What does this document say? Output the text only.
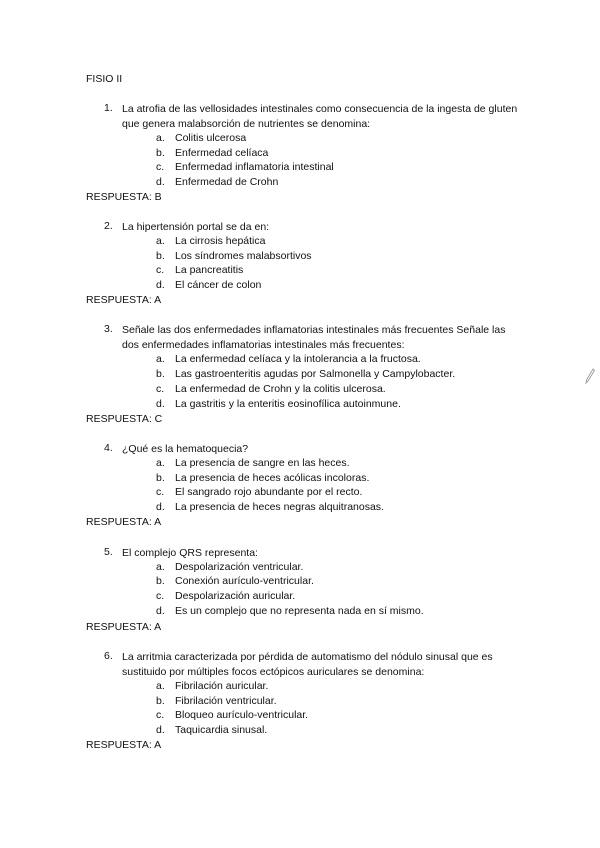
FISIO II
1. La atrofia de las vellosidades intestinales como consecuencia de la ingesta de gluten que genera malabsorción de nutrientes se denomina:
a. Colitis ulcerosa
b. Enfermedad celíaca
c.	Enfermedad inflamatoria intestinal
d. Enfermedad de Crohn
RESPUESTA: B
2. La hipertensión portal se da en:
a. La cirrosis hepática
b. Los síndromes malabsortivos
c.	La pancreatitis
d. El cáncer de colon
RESPUESTA: A
3. Señale las dos enfermedades inflamatorias intestinales más frecuentes Señale las dos enfermedades inflamatorias intestinales más frecuentes:
a. La enfermedad celíaca y la intolerancia a la fructosa.
b. Las gastroenteritis agudas por Salmonella y Campylobacter.
c.	La enfermedad de Crohn y la colitis ulcerosa.
d. La gastritis y la enteritis eosinofílica autoinmune.
RESPUESTA: C
4. ¿Qué es la hematoquecia?
a. La presencia de sangre en las heces.
b. La presencia de heces acólicas incoloras.
c.	El sangrado rojo abundante por el recto.
d. La presencia de heces negras alquitranosas.
RESPUESTA: A
5. El complejo QRS representa:
a. Despolarización ventricular.
b. Conexión aurículo-ventricular.
c.	Despolarización auricular.
d. Es un complejo que no representa nada en sí mismo.
RESPUESTA: A
6. La arritmia caracterizada por pérdida de automatismo del nódulo sinusal que es sustituido por múltiples focos ectópicos auriculares se denomina:
a. Fibrilación auricular.
b. Fibrilación ventricular.
c.	Bloqueo aurículo-ventricular.
d. Taquicardia sinusal.
RESPUESTA: A
